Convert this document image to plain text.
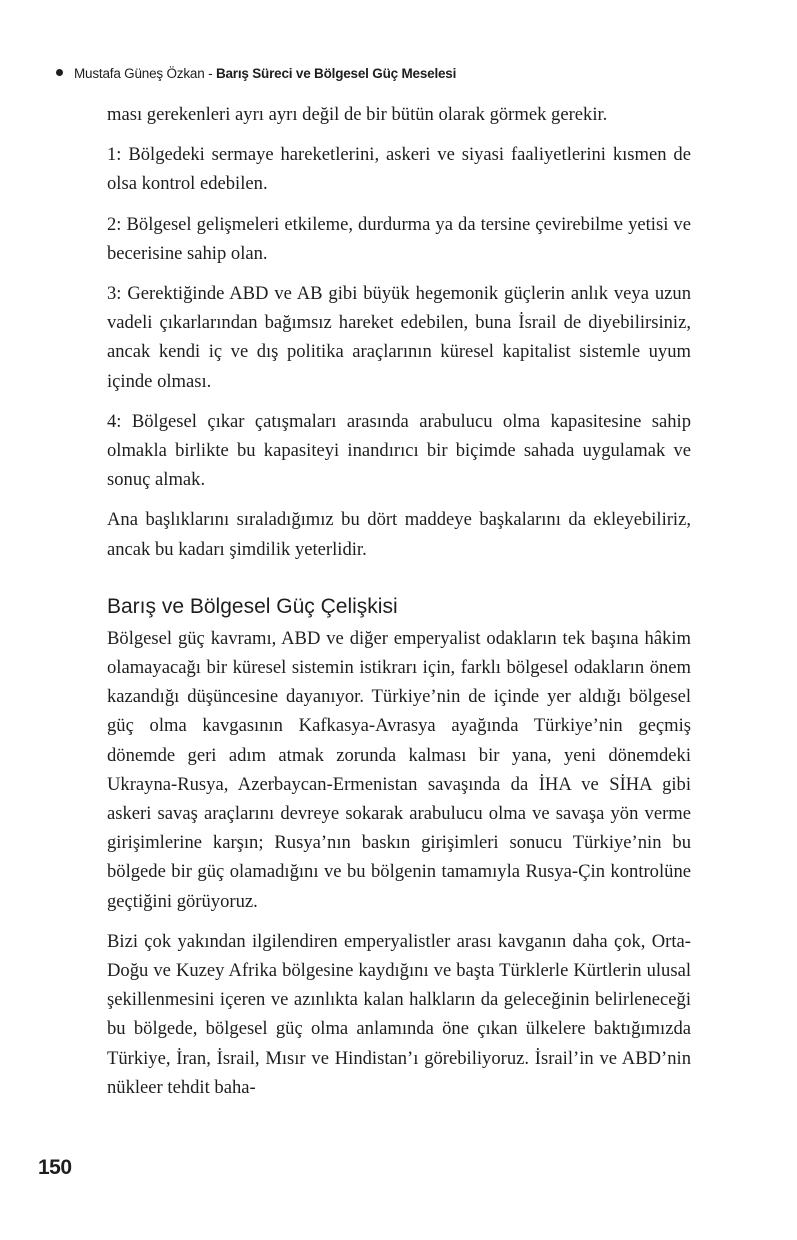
Mustafa Güneş Özkan - Barış Süreci ve Bölgesel Güç Meselesi

ması gerekenleri ayrı ayrı değil de bir bütün olarak görmek gerekir.

1: Bölgedeki sermaye hareketlerini, askeri ve siyasi faaliyetlerini kısmen de olsa kontrol edebilen.

2: Bölgesel gelişmeleri etkileme, durdurma ya da tersine çevirebilme yetisi ve becerisine sahip olan.

3: Gerektiğinde ABD ve AB gibi büyük hegemonik güçlerin anlık veya uzun vadeli çıkarlarından bağımsız hareket edebilen, buna İsrail de diyebilirsiniz, ancak kendi iç ve dış politika araçlarının küresel kapitalist sistemle uyum içinde olması.

4: Bölgesel çıkar çatışmaları arasında arabulucu olma kapasitesine sahip olmakla birlikte bu kapasiteyi inandırıcı bir biçimde sahada uygulamak ve sonuç almak.

Ana başlıklarını sıraladığımız bu dört maddeye başkalarını da ekleyebiliriz, ancak bu kadarı şimdilik yeterlidir.

Barış ve Bölgesel Güç Çelişkisi

Bölgesel güç kavramı, ABD ve diğer emperyalist odakların tek başına hâkim olamayacağı bir küresel sistemin istikrarı için, farklı bölgesel odakların önem kazandığı düşüncesine dayanıyor. Türkiye’nin de içinde yer aldığı bölgesel güç olma kavgasının Kafkasya-Avrasya ayağında Türkiye’nin geçmiş dönemde geri adım atmak zorunda kalması bir yana, yeni dönemdeki Ukrayna-Rusya, Azerbaycan-Ermenistan savaşında da İHA ve SİHA gibi askeri savaş araçlarını devreye sokarak arabulucu olma ve savaşa yön verme girişimlerine karşın; Rusya’nın baskın girişimleri sonucu Türkiye’nin bu bölgede bir güç olamadığını ve bu bölgenin tamamıyla Rusya-Çin kontrolüne geçtiğini görüyoruz.

Bizi çok yakından ilgilendiren emperyalistler arası kavganın daha çok, Orta-Doğu ve Kuzey Afrika bölgesine kaydığını ve başta Türklerle Kürtlerin ulusal şekillenmesini içeren ve azınlıkta kalan halkların da geleceğinin belirleneceği bu bölgede, bölgesel güç olma anlamında öne çıkan ülkelere baktığımızda Türkiye, İran, İsrail, Mısır ve Hindistan’ı görebiliyoruz. İsrail’in ve ABD’nin nükleer tehdit baha-

150
